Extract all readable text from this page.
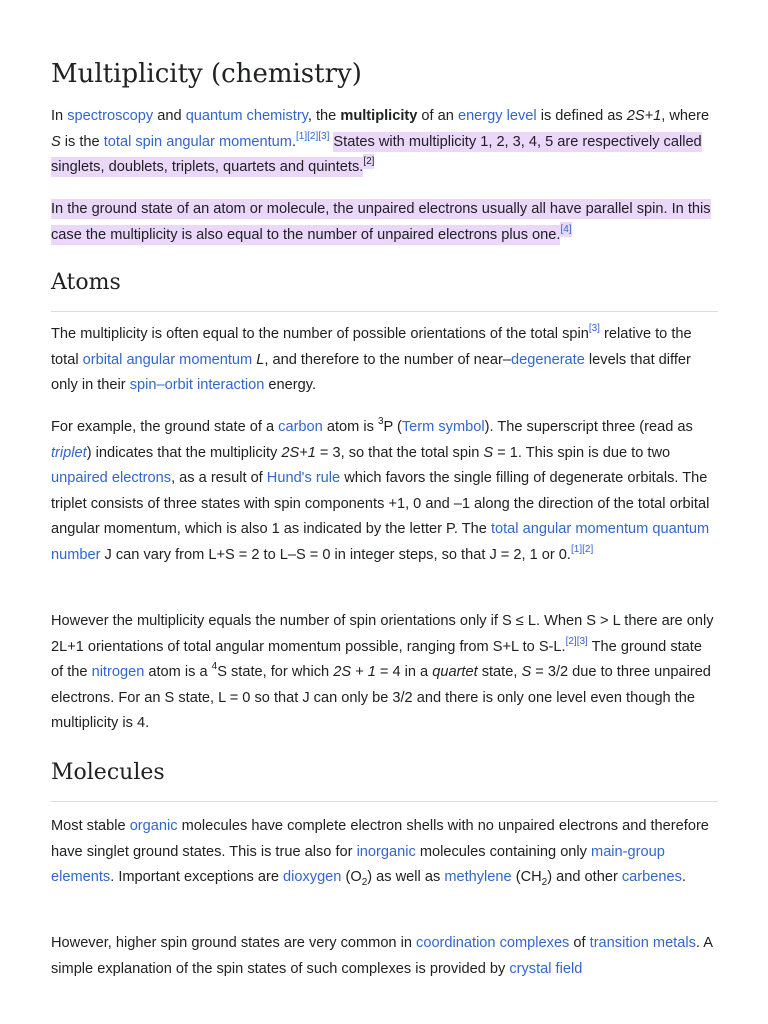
Multiplicity (chemistry)

In spectroscopy and quantum chemistry, the multiplicity of an energy level is defined as 2S+1, where S is the total spin angular momentum.[1][2][3] States with multiplicity 1, 2, 3, 4, 5 are respectively called singlets, doublets, triplets, quartets and quintets.[2]

In the ground state of an atom or molecule, the unpaired electrons usually all have parallel spin. In this case the multiplicity is also equal to the number of unpaired electrons plus one.[4]

Atoms

The multiplicity is often equal to the number of possible orientations of the total spin[3] relative to the total orbital angular momentum L, and therefore to the number of near–degenerate levels that differ only in their spin–orbit interaction energy.

For example, the ground state of a carbon atom is $^3$P (Term symbol). The superscript three (read as triplet) indicates that the multiplicity 2S+1 = 3, so that the total spin S = 1. This spin is due to two unpaired electrons, as a result of Hund's rule which favors the single filling of degenerate orbitals. The triplet consists of three states with spin components +1, 0 and –1 along the direction of the total orbital angular momentum, which is also 1 as indicated by the letter P. The total angular momentum quantum number J can vary from L+S = 2 to L–S = 0 in integer steps, so that J = 2, 1 or 0.[1][2]

However the multiplicity equals the number of spin orientations only if S ≤ L. When S > L there are only 2L+1 orientations of total angular momentum possible, ranging from S+L to S-L.[2][3] The ground state of the nitrogen atom is a $^4$S state, for which 2S + 1 = 4 in a quartet state, S = 3/2 due to three unpaired electrons. For an S state, L = 0 so that J can only be 3/2 and there is only one level even though the multiplicity is 4.

Molecules

Most stable organic molecules have complete electron shells with no unpaired electrons and therefore have singlet ground states. This is true also for inorganic molecules containing only main-group elements. Important exceptions are dioxygen $(O_2)$ as well as methylene $(CH_2)$ and other carbenes.

However, higher spin ground states are very common in coordination complexes of transition metals. A simple explanation of the spin states of such complexes is provided by crystal field
